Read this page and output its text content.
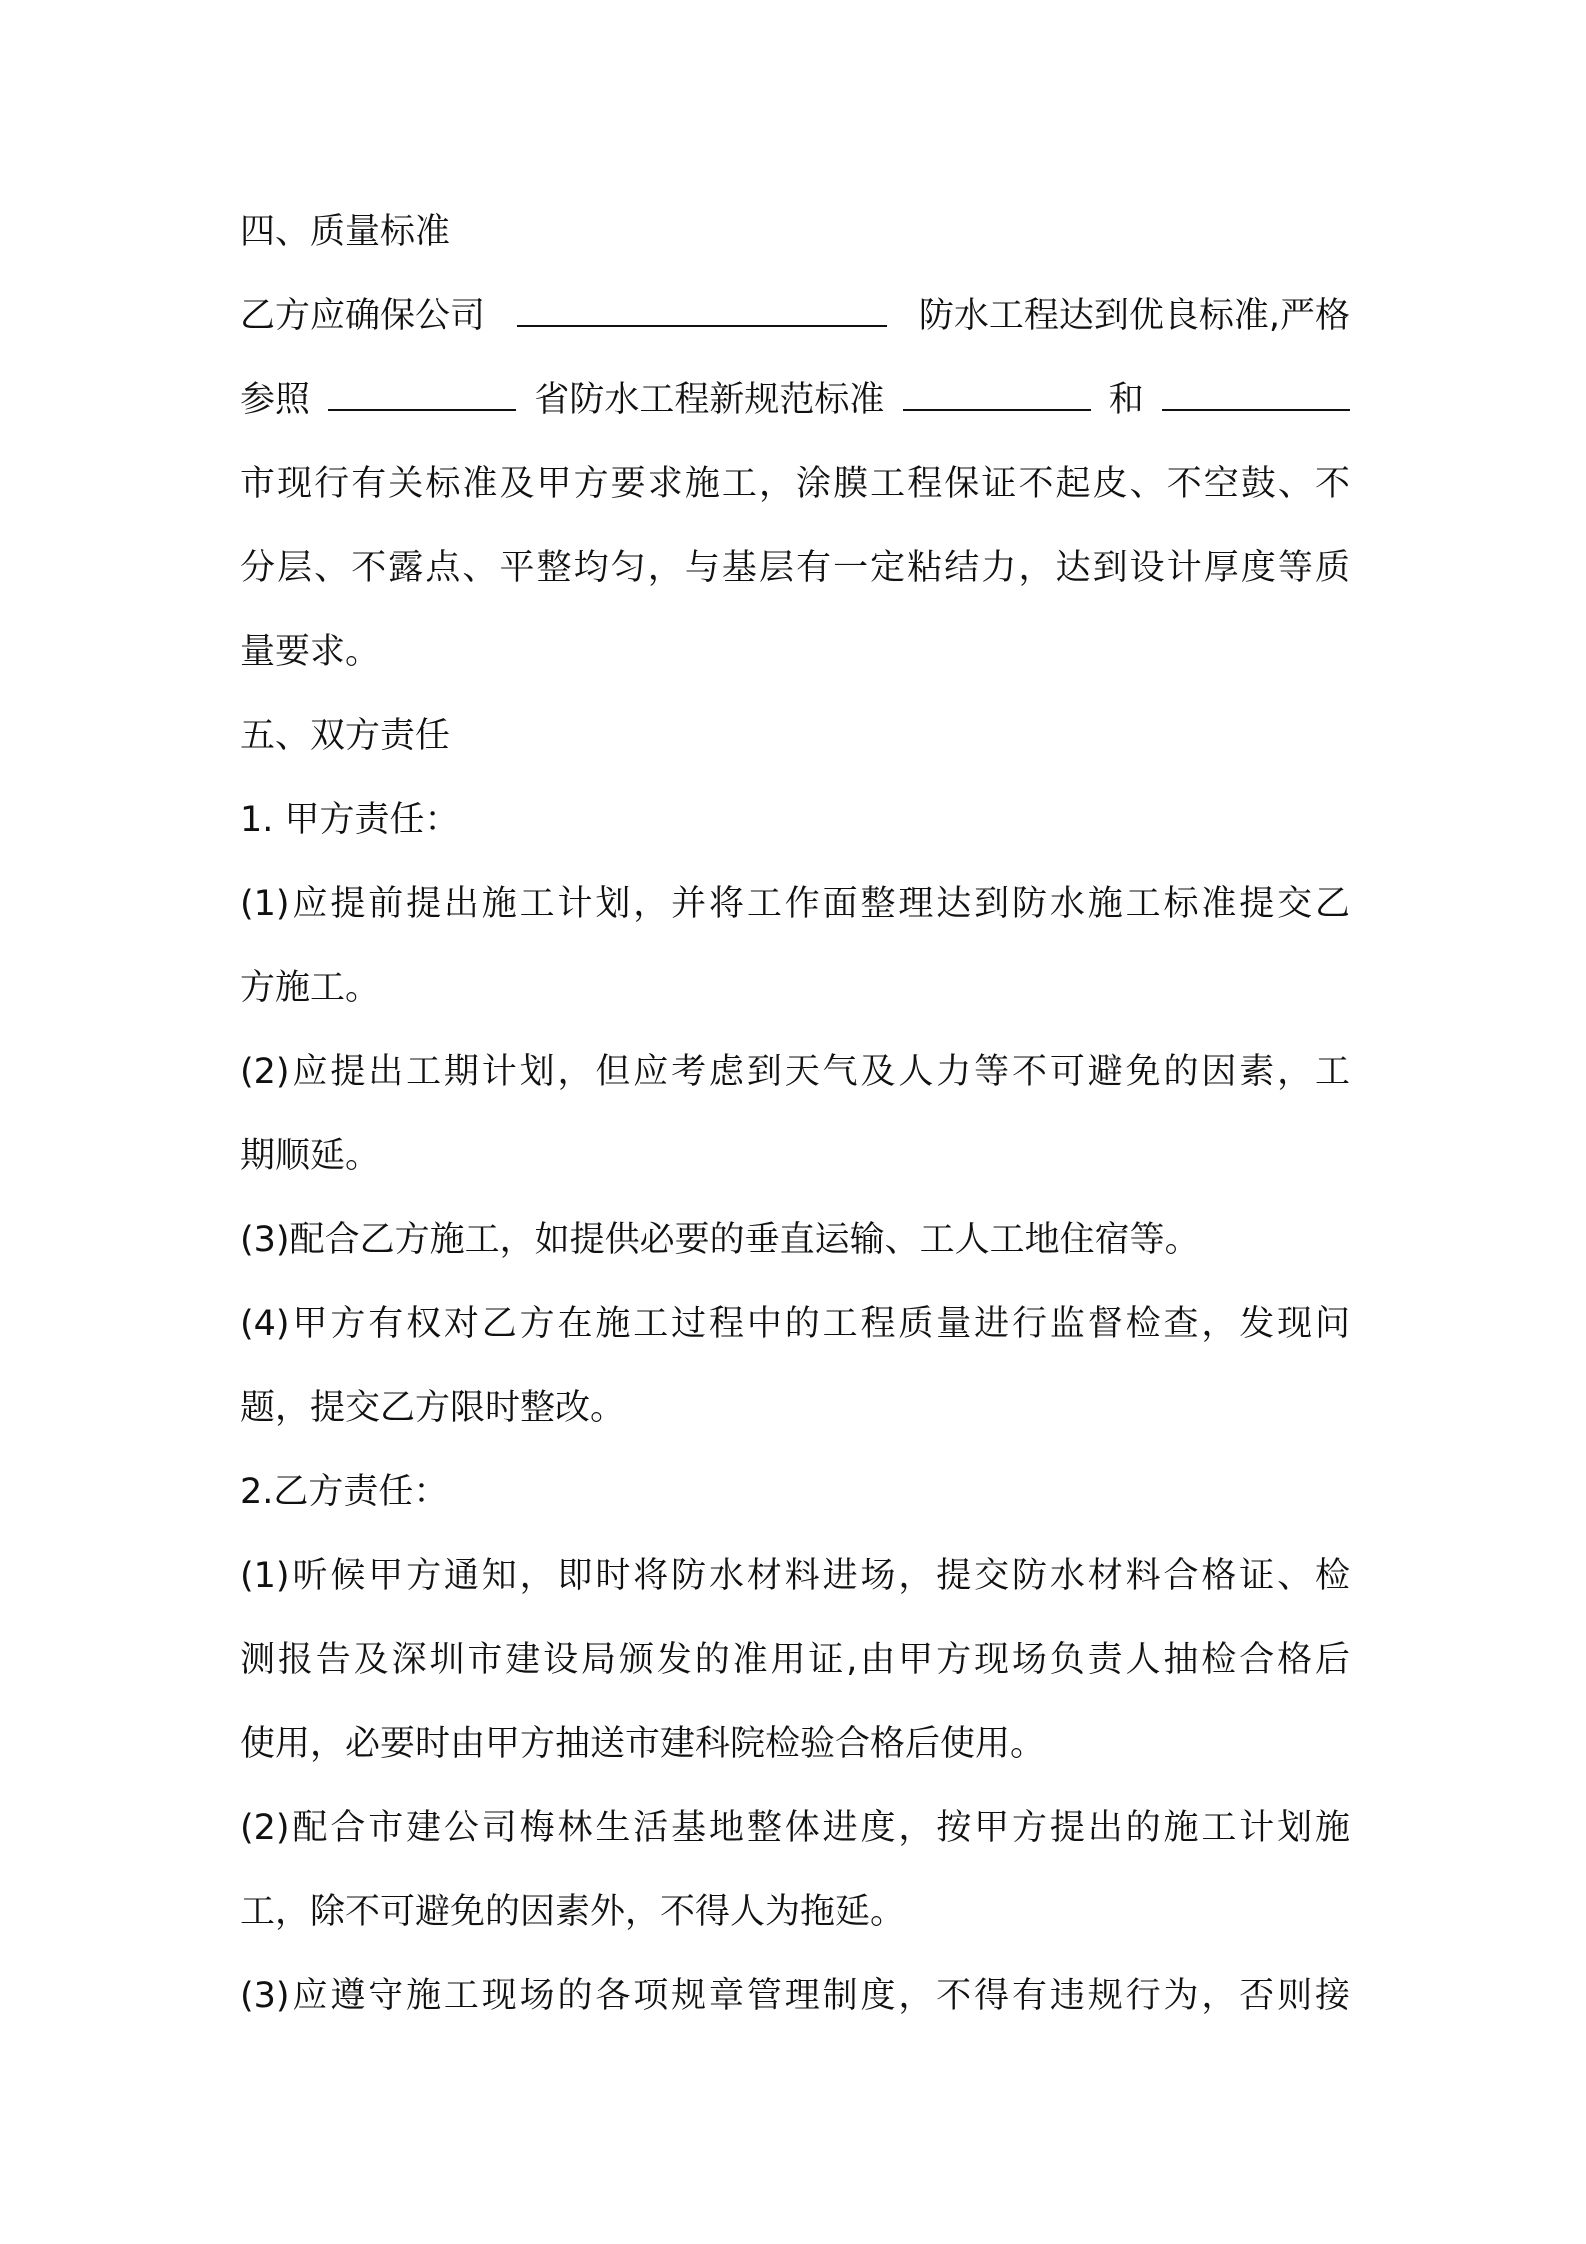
四、质量标准
乙方应确保公司	防水工程达到优良标准,严格
参照	省防水工程新规范标准	和
市现行有关标准及甲方要求施工，涂膜工程保证不起皮、不空鼓、不
分层、不露点、平整均匀，与基层有一定粘结力，达到设计厚度等质
量要求。
五、双方责任
1. 甲方责任：
(1)应提前提出施工计划，并将工作面整理达到防水施工标准提交乙
方施工。
(2)应提出工期计划，但应考虑到天气及人力等不可避免的因素，工
期顺延。
(3)配合乙方施工，如提供必要的垂直运输、工人工地住宿等。
(4)甲方有权对乙方在施工过程中的工程质量进行监督检查，发现问
题，提交乙方限时整改。
2.乙方责任：
(1)听候甲方通知，即时将防水材料进场，提交防水材料合格证、检
测报告及深圳市建设局颁发的准用证,由甲方现场负责人抽检合格后
使用，必要时由甲方抽送市建科院检验合格后使用。
(2)配合市建公司梅林生活基地整体进度，按甲方提出的施工计划施
工，除不可避免的因素外，不得人为拖延。
(3)应遵守施工现场的各项规章管理制度，不得有违规行为，否则接
